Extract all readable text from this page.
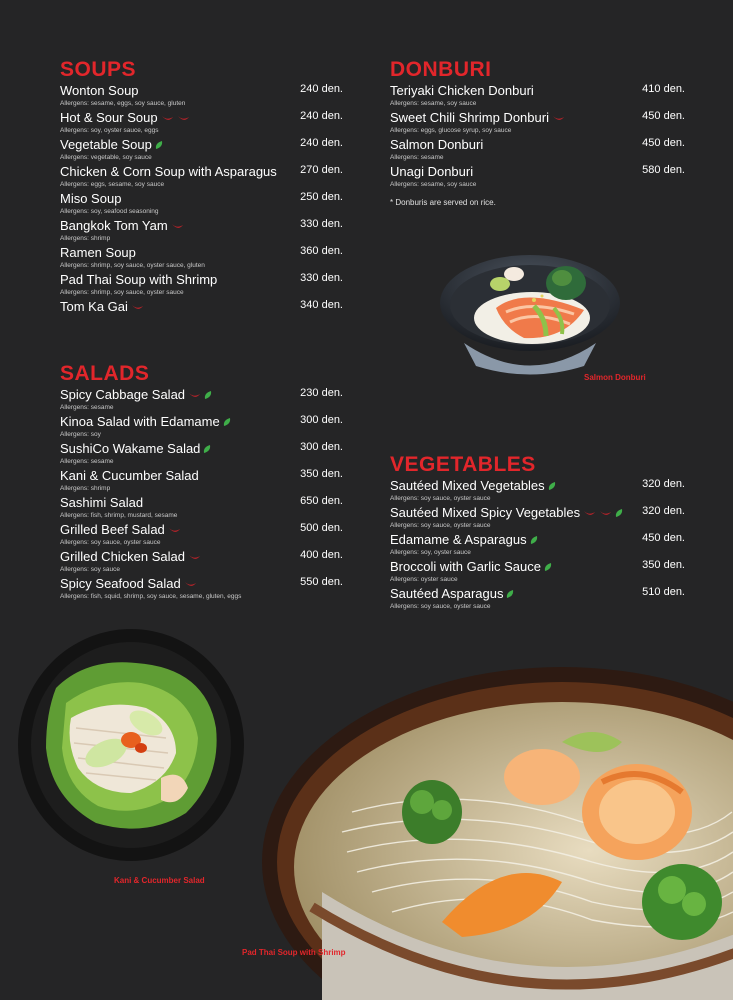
SOUPS
Wonton Soup	240 den.
Allergens: sesame, eggs, soy sauce, gluten
Hot & Sour Soup	240 den.
Allergens: soy, oyster sauce, eggs
Vegetable Soup	240 den.
Allergens: vegetable, soy sauce
Chicken & Corn Soup with Asparagus 270 den.
Allergens: eggs, sesame, soy sauce
Miso Soup	250 den.
Allergens: soy, seafood seasoning
Bangkok Tom Yam	330 den.
Allergens: shrimp
Ramen Soup	360 den.
Allergens: shrimp, soy sauce, oyster sauce, gluten
Pad Thai Soup with Shrimp	330 den.
Allergens: shrimp, soy sauce, oyster sauce
Tom Ka Gai	340 den.
SALADS
Spicy Cabbage Salad	230 den.
Allergens: sesame
Kinoa Salad with Edamame	300 den.
Allergens: soy
SushiCo Wakame Salad	300 den.
Allergens: sesame
Kani & Cucumber Salad	350 den.
Allergens: shrimp
Sashimi Salad	650 den.
Allergens: fish, shrimp, mustard, sesame
Grilled Beef Salad	500 den.
Allergens: soy sauce, oyster sauce
Grilled Chicken Salad	400 den.
Allergens: soy sauce
Spicy Seafood Salad	550 den.
Allergens: fish, squid, shrimp, soy sauce, sesame, gluten, eggs
DONBURI
Teriyaki Chicken Donburi	410 den.
Allergens: sesame, soy sauce
Sweet Chili Shrimp Donburi	450 den.
Allergens: eggs, glucose syrup, soy sauce
Salmon Donburi	450 den.
Allergens: sesame
Unagi Donburi	580 den.
Allergens: sesame, soy sauce
* Donburis are served on rice.
VEGETABLES
Sautéed Mixed Vegetables	320 den.
Allergens: soy sauce, oyster sauce
Sautéed Mixed Spicy Vegetables	320 den.
Allergens: soy sauce, oyster sauce
Edamame & Asparagus	450 den.
Allergens: soy, oyster sauce
Broccoli with Garlic Sauce	350 den.
Allergens: oyster sauce
Sautéed Asparagus	510 den.
Allergens: soy sauce, oyster sauce
Salmon Donburi
Kani & Cucumber Salad
Pad Thai Soup with Shrimp
